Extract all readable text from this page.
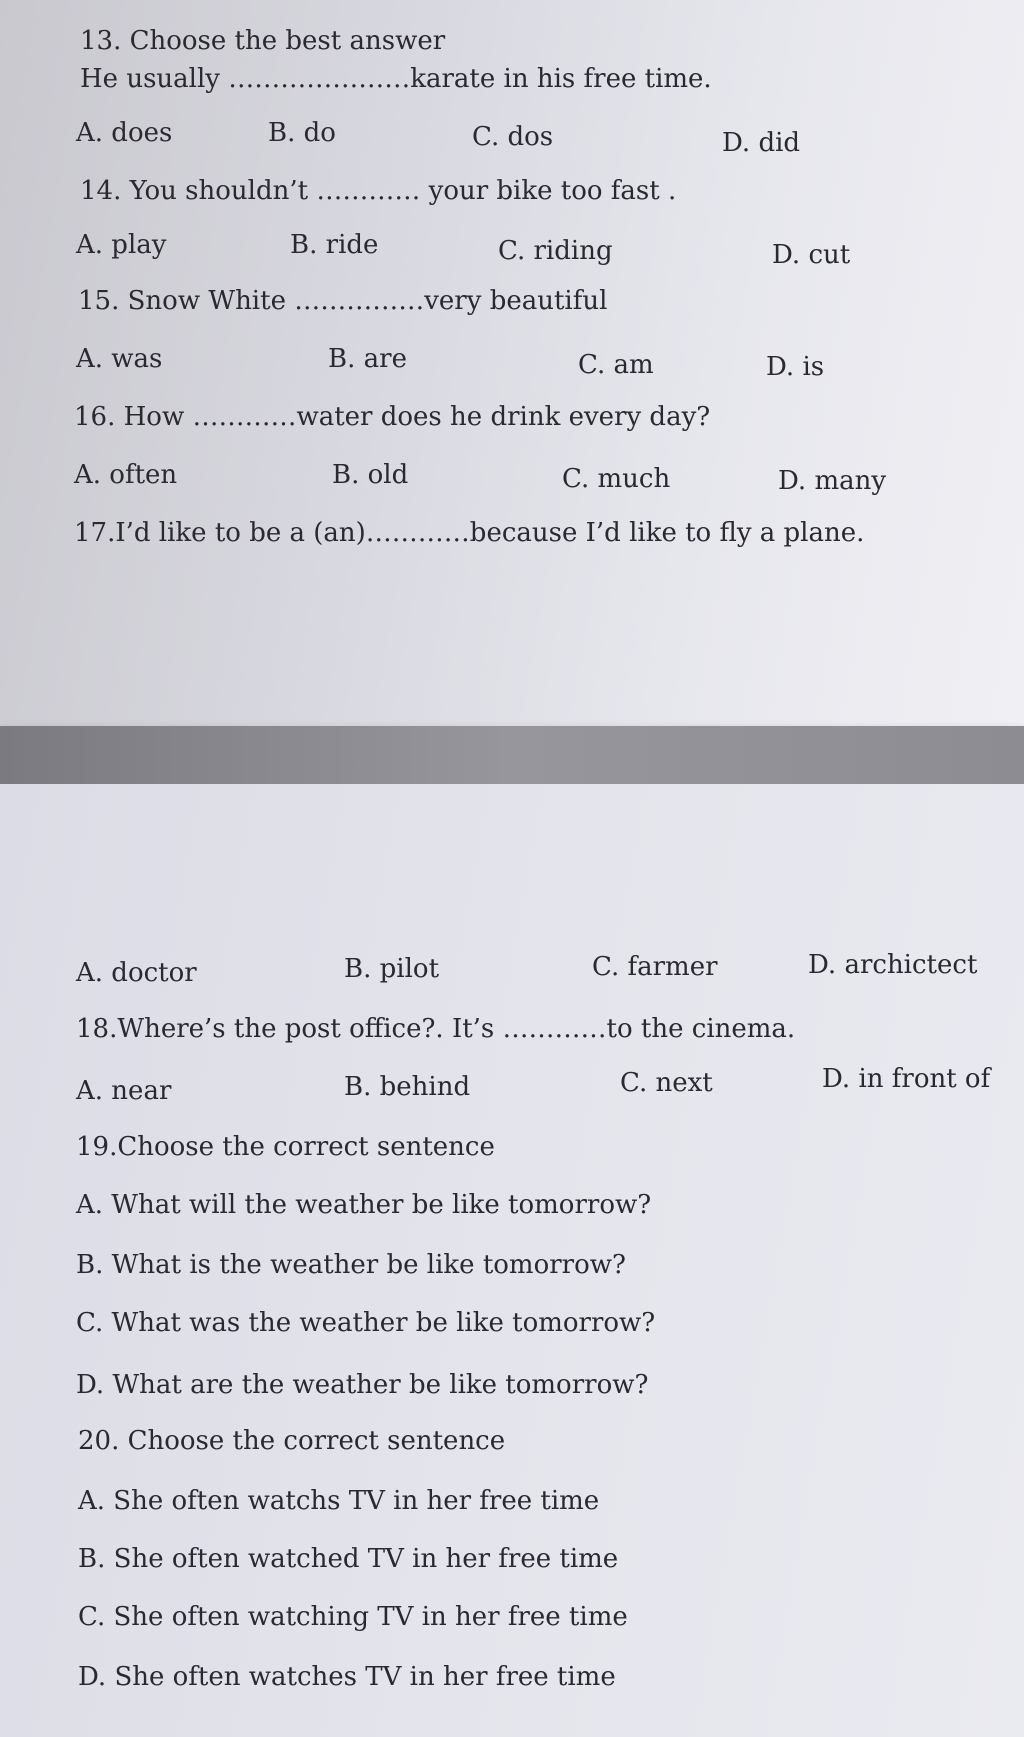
13. Choose the best answer
He usually …………………karate in his free time.
A. does	B. do	C. dos	D. did
14. You shouldn’t ………… your bike too fast .
A. play	B. ride	C. riding	D. cut
15. Snow White ……………very beautiful
A. was	B. are	C. am	D. is
16. How …………water does he drink every day?
A. often	B. old	C. much	D. many
17.I’d like to be a (an)…………because I’d like to fly a plane.
A. doctor	B. pilot	C. farmer	D. archictect
18.Where’s the post office?. It’s …………to the cinema.
A. near	B. behind	C. next	D. in front of
19.Choose the correct sentence
A. What will the weather be like tomorrow?
B. What is the weather be like tomorrow?
C. What was the weather be like tomorrow?
D. What are the weather be like tomorrow?
20. Choose the correct sentence
A. She often watchs TV in her free time
B. She often watched TV in her free time
C. She often watching TV in her free time
D. She often watches TV in her free time
